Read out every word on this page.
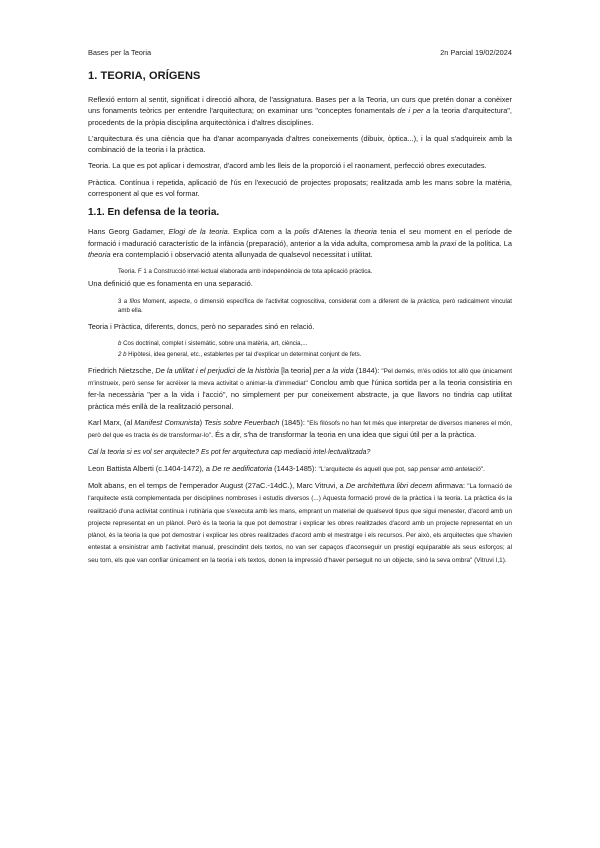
Bases per la Teoria	2n Parcial 19/02/2024
1. TEORIA, ORÍGENS

Reflexió entorn al sentit, significat i direcció alhora, de l'assignatura. Bases per a la Teoria, un curs que pretén donar a conèixer uns fonaments teòrics per entendre l'arquitectura; on examinar uns "conceptes fonamentals de i per a la teoria d'arquitectura", procedents de la pròpia disciplina arquitectònica i d'altres disciplines.

L'arquitectura és una ciència que ha d'anar acompanyada d'altres coneixements (dibuix, òptica...), i la qual s'adquireix amb la combinació de la teoria i la pràctica.

Teoria. La que es pot aplicar i demostrar, d'acord amb les lleis de la proporció i el raonament, perfecció obres executades.

Pràctica. Contínua i repetida, aplicació de l'ús en l'execució de projectes proposats; realitzada amb les mans sobre la matèria, corresponent al que es vol formar.

1.1. En defensa de la teoria.

Hans Georg Gadamer, Elogi de la teoria. Explica com a la polis d'Atenes la theoria tenia el seu moment en el període de formació i maduració característic de la infància (preparació), anterior a la vida adulta, compromesa amb la praxi de la política. La theoria era contemplació i observació atenta allunyada de qualsevol necessitat i utilitat.

Teoria. F 1 a Construcció intel·lectual elaborada amb independència de tota aplicació pràctica.

Una definició que es fonamenta en una separació.

3 a filos Moment, aspecte, o dimensió específica de l'activitat cognoscitiva, considerat com a diferent de la pràctica, però radicalment vinculat amb ella.

Teoria i Pràctica, diferents, doncs, però no separades sinó en relació.

b Cos doctrinal, complet i sistemàtic, sobre una matèria, art, ciència,...

2 b Hipòtesi, idea general, etc., establertes per tal d'explicar un determinat conjunt de fets.

Friedrich Nietzsche, De la utilitat i el perjudici de la història [la teoria] per a la vida (1844): "Pel demés, m'és odiós tot allò que únicament m'instrueix, però sense fer acréixer la meva activitat o animar-la d'immediat" Conclou amb que l'única sortida per a la teoria consistiria en fer-la necessària "per a la vida i l'acció", no simplement per pur coneixement abstracte, ja que llavors no tindria cap utilitat pràctica més enllà de la realització personal.

Karl Marx, (al Manifest Comunista) Tesis sobre Feuerbach (1845): "Els filòsofs no han fet més que interpretar de diversos maneres el món, però del que es tracta és de transformar-lo". És a dir, s'ha de transformar la teoria en una idea que sigui útil per a la pràctica.

Cal la teoria si es vol ser arquitecte? Es pot fer arquitectura cap mediació intel·lectualitzada?

Leon Battista Alberti (c.1404-1472), a De re aedificatoria (1443-1485): "L'arquitecte és aquell que pot, sap pensar amb antelació".

Molt abans, en el temps de l'emperador August (27aC.-14dC.), Marc Vitruvi, a De architettura libri decem afirmava: "La formació de l'arquitecte està complementada per disciplines nombroses i estudis diversos (...) Aquesta formació prové de la pràctica i la teoria. La pràctica és la realització d'una activitat contínua i rutinària que s'executa amb les mans, emprant un material de qualsevol tipus que sigui menester, d'acord amb un projecte representat en un plànol. Però és la teoria la que pot demostrar i explicar les obres realitzades d'acord amb un projecte representat en un plànol, és la teoria la que pot demostrar i explicar les obres realitzades d'acord amb el mestratge i els recursos. Per això, els arquitectes que s'havien entestat a ensinistrar amb l'activitat manual, prescindint dels textos, no van ser capaços d'aconseguir un prestigi equiparable als seus esforços; al seu torn, els que van confiar únicament en la teoria i els textos, donen la impressió d'haver perseguit no un objecte, sinó la seva ombra" (Vitruvi I,1).
